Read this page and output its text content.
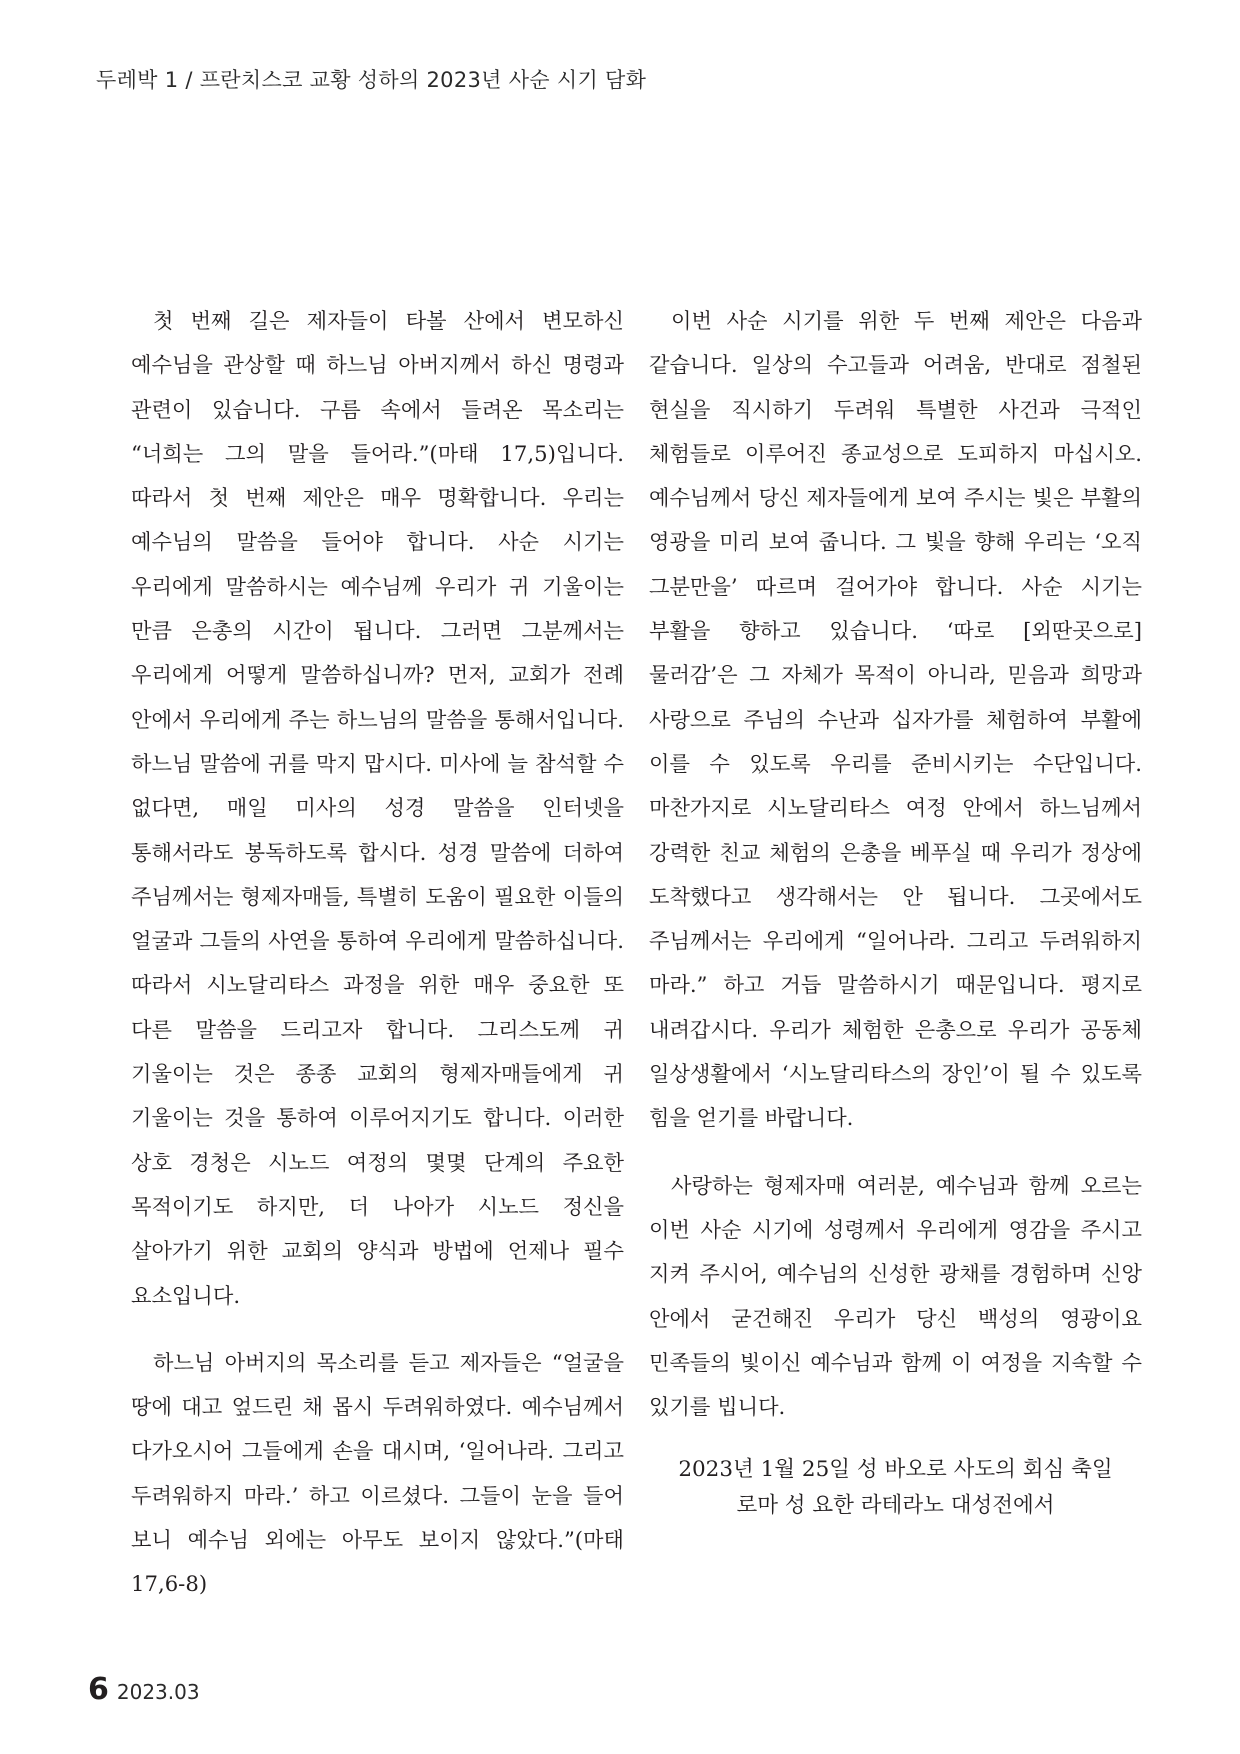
두레박 1 / 프란치스코 교황 성하의 2023년 사순 시기 담화

첫 번째 길은 제자들이 타볼 산에서 변모하신 예수님을 관상할 때 하느님 아버지께서 하신 명령과 관련이 있습니다. 구름 속에서 들려온 목소리는 “너희는 그의 말을 들어라.”(마태 17,5)입니다. 따라서 첫 번째 제안은 매우 명확합니다. 우리는 예수님의 말씀을 들어야 합니다. 사순 시기는 우리에게 말씀하시는 예수님께 우리가 귀 기울이는 만큼 은총의 시간이 됩니다. 그러면 그분께서는 우리에게 어떻게 말씀하십니까? 먼저, 교회가 전례 안에서 우리에게 주는 하느님의 말씀을 통해서입니다. 하느님 말씀에 귀를 막지 맙시다. 미사에 늘 참석할 수 없다면, 매일 미사의 성경 말씀을 인터넷을 통해서라도 봉독하도록 합시다. 성경 말씀에 더하여 주님께서는 형제자매들, 특별히 도움이 필요한 이들의 얼굴과 그들의 사연을 통하여 우리에게 말씀하십니다. 따라서 시노달리타스 과정을 위한 매우 중요한 또 다른 말씀을 드리고자 합니다. 그리스도께 귀 기울이는 것은 종종 교회의 형제자매들에게 귀 기울이는 것을 통하여 이루어지기도 합니다. 이러한 상호 경청은 시노드 여정의 몇몇 단계의 주요한 목적이기도 하지만, 더 나아가 시노드 정신을 살아가기 위한 교회의 양식과 방법에 언제나 필수 요소입니다.

하느님 아버지의 목소리를 듣고 제자들은 “얼굴을 땅에 대고 엎드린 채 몹시 두려워하였다. 예수님께서 다가오시어 그들에게 손을 대시며, ‘일어나라. 그리고 두려워하지 마라.’ 하고 이르셨다. 그들이 눈을 들어 보니 예수님 외에는 아무도 보이지 않았다.”(마태 17,6-8)

이번 사순 시기를 위한 두 번째 제안은 다음과 같습니다. 일상의 수고들과 어려움, 반대로 점철된 현실을 직시하기 두려워 특별한 사건과 극적인 체험들로 이루어진 종교성으로 도피하지 마십시오. 예수님께서 당신 제자들에게 보여 주시는 빛은 부활의 영광을 미리 보여 줍니다. 그 빛을 향해 우리는 ‘오직 그분만을’ 따르며 걸어가야 합니다. 사순 시기는 부활을 향하고 있습니다. ‘따로 [외딴곳으로] 물러감’은 그 자체가 목적이 아니라, 믿음과 희망과 사랑으로 주님의 수난과 십자가를 체험하여 부활에 이를 수 있도록 우리를 준비시키는 수단입니다. 마찬가지로 시노달리타스 여정 안에서 하느님께서 강력한 친교 체험의 은총을 베푸실 때 우리가 정상에 도착했다고 생각해서는 안 됩니다. 그곳에서도 주님께서는 우리에게 “일어나라. 그리고 두려워하지 마라.” 하고 거듭 말씀하시기 때문입니다. 평지로 내려갑시다. 우리가 체험한 은총으로 우리가 공동체 일상생활에서 ‘시노달리타스의 장인’이 될 수 있도록 힘을 얻기를 바랍니다.

사랑하는 형제자매 여러분, 예수님과 함께 오르는 이번 사순 시기에 성령께서 우리에게 영감을 주시고 지켜 주시어, 예수님의 신성한 광채를 경험하며 신앙 안에서 굳건해진 우리가 당신 백성의 영광이요 민족들의 빛이신 예수님과 함께 이 여정을 지속할 수 있기를 빕니다.

2023년 1월 25일 성 바오로 사도의 회심 축일
로마 성 요한 라테라노 대성전에서
6 2023.03
